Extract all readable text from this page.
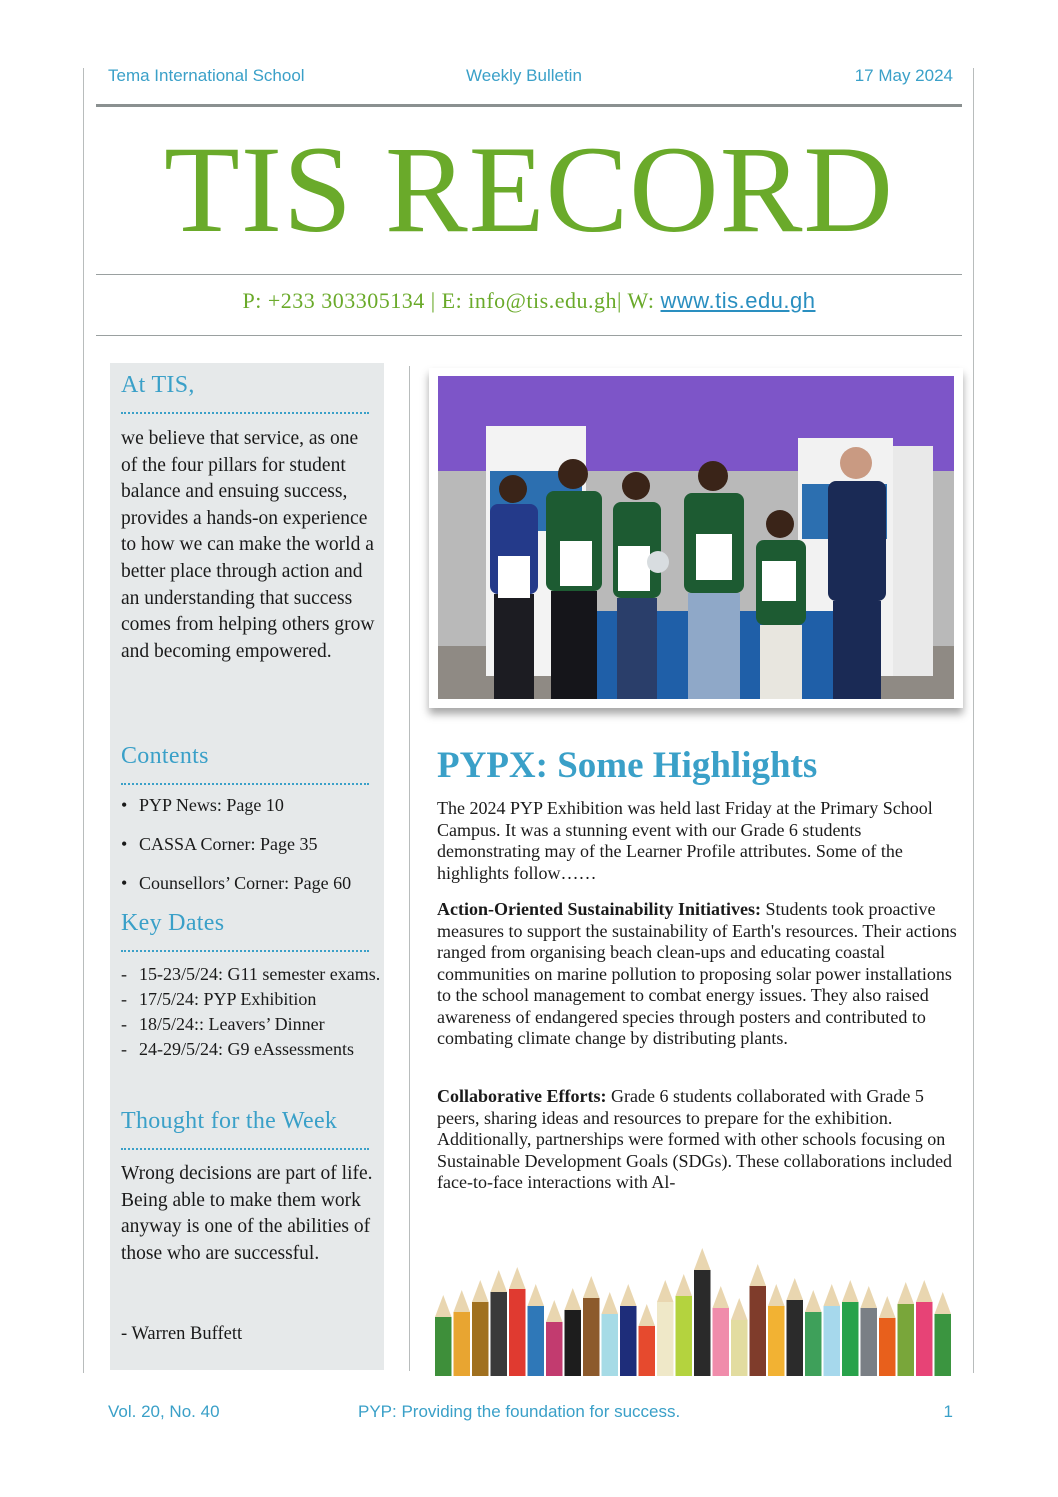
Tema International School	Weekly Bulletin	17 May 2024
TIS RECORD
P: +233 303305134 | E: info@tis.edu.gh| W: www.tis.edu.gh
At TIS,
we believe that service, as one of the four pillars for student balance and ensuing success, provides a hands-on experience to how we can make the world a better place through action and an understanding that success comes from helping others grow and becoming empowered.
Contents
• PYP News: Page 10
• CASSA Corner: Page 35
• Counsellors’ Corner: Page 60
Key Dates
- 15-23/5/24: G11 semester exams.
- 17/5/24: PYP Exhibition
- 18/5/24:: Leavers’ Dinner
- 24-29/5/24: G9 eAssessments
Thought for the Week
Wrong decisions are part of life. Being able to make them work anyway is one of the abilities of those who are successful.
- Warren Buffett
PYPX: Some Highlights
The 2024 PYP Exhibition was held last Friday at the Primary School Campus. It was a stunning event with our Grade 6 students demonstrating may of the Learner Profile attributes. Some of the highlights follow……
Action-Oriented Sustainability Initiatives: Students took proactive measures to support the sustainability of Earth's resources. Their actions ranged from organising beach clean-ups and educating coastal communities on marine pollution to proposing solar power installations to the school management to combat energy issues. They also raised awareness of endangered species through posters and contributed to combating climate change by distributing plants.
Collaborative Efforts: Grade 6 students collaborated with Grade 5 peers, sharing ideas and resources to prepare for the exhibition. Additionally, partnerships were formed with other schools focusing on Sustainable Development Goals (SDGs). These collaborations included face-to-face interactions with Al-
Vol. 20, No. 40	PYP: Providing the foundation for success.	1
